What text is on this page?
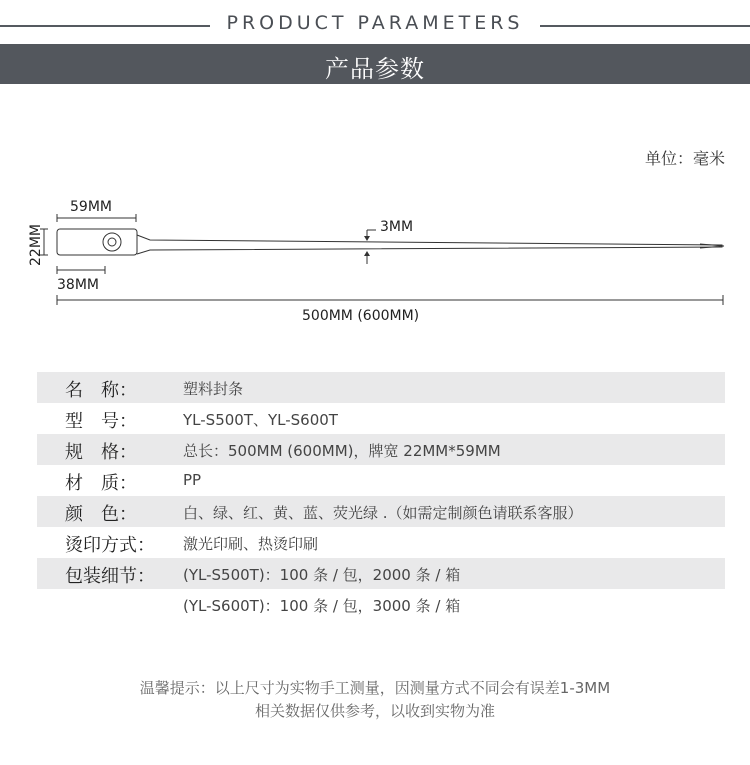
PRODUCT PARAMETERS
产品参数
单位：毫米
59MM
22MM
38MM
3MM
500MM (600MM)
名　称：	塑料封条
型　号：	YL-S500T、YL-S600T
规　格：	总长：500MM (600MM)，牌宽 22MM*59MM
材　质：	PP
颜　色：	白、绿、红、黄、蓝、荧光绿 .（如需定制颜色请联系客服）
烫印方式： 激光印刷、热烫印刷
包装细节： (YL-S500T)：100 条 / 包，2000 条 / 箱
(YL-S600T)：100 条 / 包，3000 条 / 箱
温馨提示：以上尺寸为实物手工测量，因测量方式不同会有误差1-3MM
相关数据仅供参考，以收到实物为准
